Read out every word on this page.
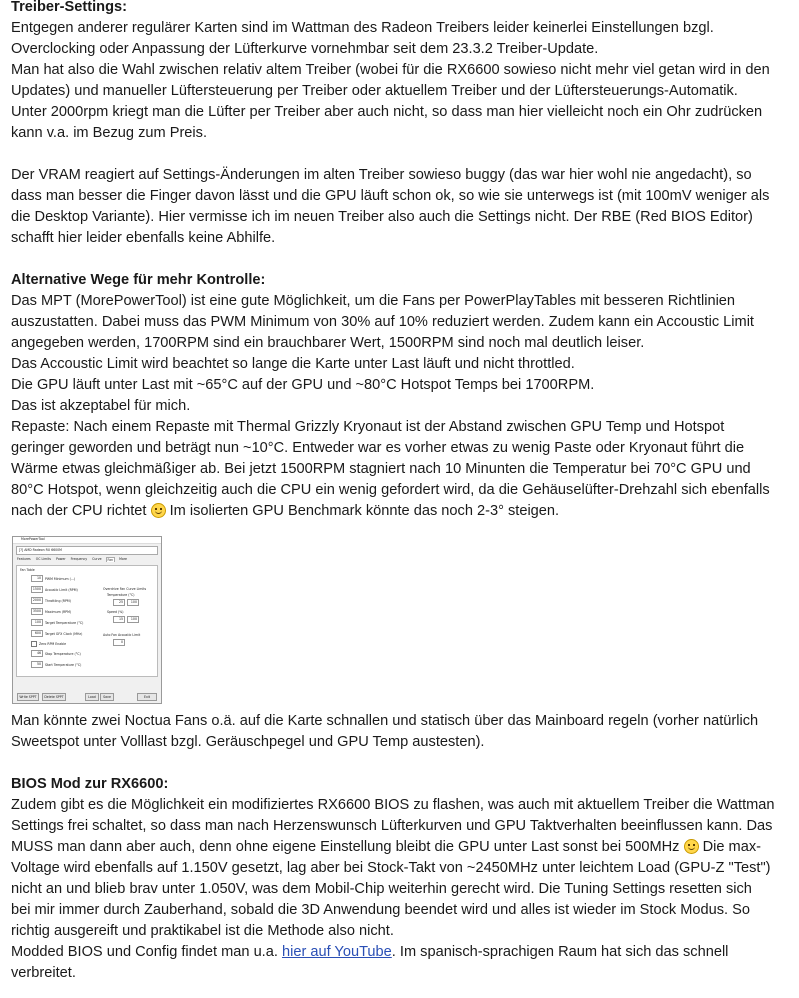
Treiber-Settings:

Entgegen anderer regulärer Karten sind im Wattman des Radeon Treibers leider keinerlei Einstellungen bzgl.

Overclocking oder Anpassung der Lüfterkurve vornehmbar seit dem 23.3.2 Treiber-Update.

Man hat also die Wahl zwischen relativ altem Treiber (wobei für die RX6600 sowieso nicht mehr viel getan wird in den

Updates) und manueller Lüftersteuerung per Treiber oder aktuellem Treiber und der Lüftersteuerungs-Automatik.

Unter 2000rpm kriegt man die Lüfter per Treiber aber auch nicht, so dass man hier vielleicht noch ein Ohr zudrücken

kann v.a. im Bezug zum Preis.

Der VRAM reagiert auf Settings-Änderungen im alten Treiber sowieso buggy (das war hier wohl nie angedacht), so

dass man besser die Finger davon lässt und die GPU läuft schon ok, so wie sie unterwegs ist (mit 100mV weniger als

die Desktop Variante). Hier vermisse ich im neuen Treiber also auch die Settings nicht. Der RBE (Red BIOS Editor)

schafft hier leider ebenfalls keine Abhilfe.

Alternative Wege für mehr Kontrolle:

Das MPT (MorePowerTool) ist eine gute Möglichkeit, um die Fans per PowerPlayTables mit besseren Richtlinien

auszustatten. Dabei muss das PWM Minimum von 30% auf 10% reduziert werden. Zudem kann ein Accoustic Limit

angegeben werden, 1700RPM sind ein brauchbarer Wert, 1500RPM sind noch mal deutlich leiser.

Das Accoustic Limit wird beachtet so lange die Karte unter Last läuft und nicht throttled.

Die GPU läuft unter Last mit ~65°C auf der GPU und ~80°C Hotspot Temps bei 1700RPM.

Das ist akzeptabel für mich.

Repaste: Nach einem Repaste mit Thermal Grizzly Kryonaut ist der Abstand zwischen GPU Temp und Hotspot

geringer geworden und beträgt nun ~10°C. Entweder war es vorher etwas zu wenig Paste oder Kryonaut führt die

Wärme etwas gleichmäßiger ab. Bei jetzt 1500RPM stagniert nach 10 Minunten die Temperatur bei 70°C GPU und

80°C Hotspot, wenn gleichzeitig auch die CPU ein wenig gefordert wird, da die Gehäuselüfter-Drehzahl sich ebenfalls

nach der CPU richtet  Im isolierten GPU Benchmark könnte das noch 2-3° steigen.

MorePowerTool
[?] AMD Radeon RX 6600M
Features	OC Limits	Power	Frequency	Curve	Fan	More
Fan Table
10	PWM Minimum (...)
1500	Acoustic Limit (RPM)
2000	Throttling (RPM)
3500	Maximum (RPM)
100	Target Temperature (°C)
600	Target GFX Clock (MHz)
Zero RPM Enable
46	Stop Temperature (°C)
50	Start Temperature (°C)
Overdrive Fan Curve Limits
Temperature (°C)
25	100
Speed (%)
15	100
Auto Fan Acoustic Limit
0
Write SPPT	Delete SPPT	Load	Save	Exit

Man könnte zwei Noctua Fans o.ä. auf die Karte schnallen und statisch über das Mainboard regeln (vorher natürlich

Sweetspot unter Volllast bzgl. Geräuschpegel und GPU Temp austesten).

BIOS Mod zur RX6600:

Zudem gibt es die Möglichkeit ein modifiziertes RX6600 BIOS zu flashen, was auch mit aktuellem Treiber die Wattman

Settings frei schaltet, so dass man nach Herzenswunsch Lüfterkurven und GPU Taktverhalten beeinflussen kann. Das

MUSS man dann aber auch, denn ohne eigene Einstellung bleibt die GPU unter Last sonst bei 500MHz  Die max-

Voltage wird ebenfalls auf 1.150V gesetzt, lag aber bei Stock-Takt von ~2450MHz unter leichtem Load (GPU-Z "Test")

nicht an und blieb brav unter 1.050V, was dem Mobil-Chip weiterhin gerecht wird. Die Tuning Settings resetten sich

bei mir immer durch Zauberhand, sobald die 3D Anwendung beendet wird und alles ist wieder im Stock Modus. So

richtig ausgereift und praktikabel ist die Methode also nicht.

Modded BIOS und Config findet man u.a. hier auf YouTube. Im spanisch-sprachigen Raum hat sich das schnell

verbreitet.
